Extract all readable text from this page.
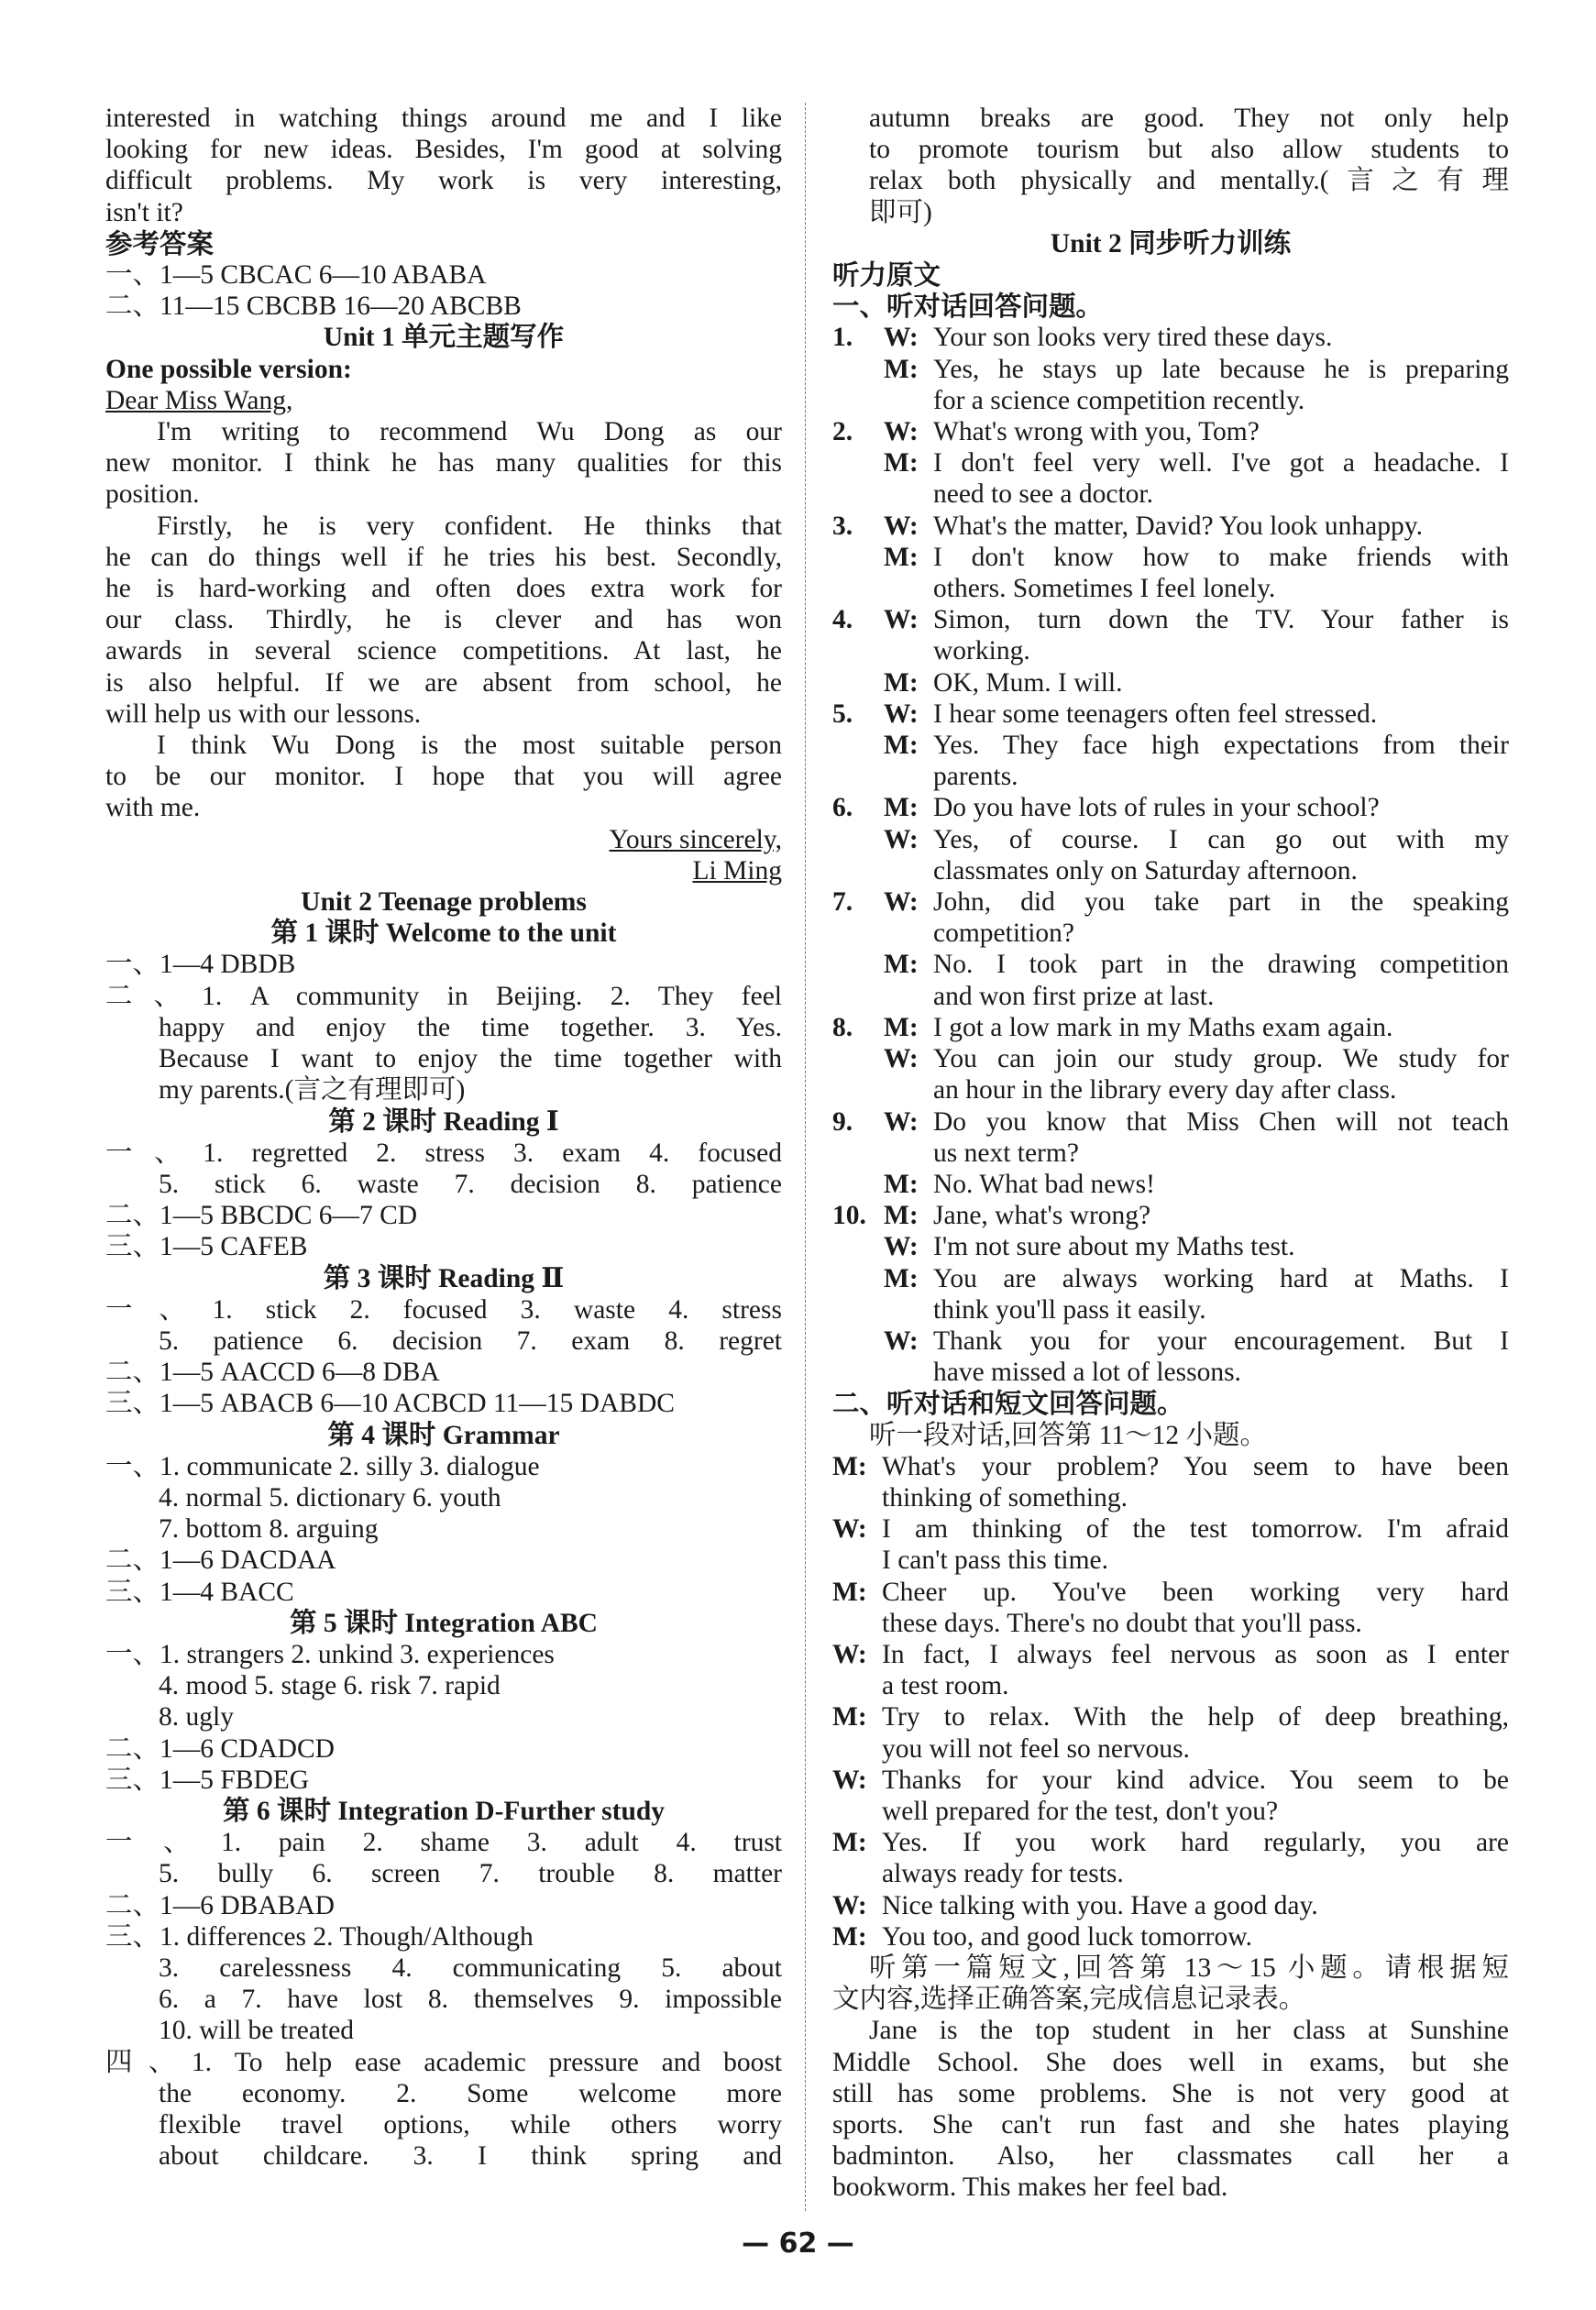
interested in watching things around me and I like
looking for new ideas. Besides, I'm good at solving
difficult problems. My work is very interesting,
isn't it?
参考答案
一、1—5 CBCAC 6—10 ABABA
二、11—15 CBCBB 16—20 ABCBB
Unit 1 单元主题写作
One possible version:
Dear Miss Wang,
I'm writing to recommend Wu Dong as our
new monitor. I think he has many qualities for this
position.
Firstly, he is very confident. He thinks that
he can do things well if he tries his best. Secondly,
he is hard-working and often does extra work for
our class. Thirdly, he is clever and has won
awards in several science competitions. At last, he
is also helpful. If we are absent from school, he
will help us with our lessons.
I think Wu Dong is the most suitable person
to be our monitor. I hope that you will agree
with me.
Yours sincerely,
Li Ming
Unit 2 Teenage problems
第 1 课时 Welcome to the unit
一、1—4 DBDB
二、1. A community in Beijing. 2. They feel
happy and enjoy the time together. 3. Yes.
Because I want to enjoy the time together with
my parents.(言之有理即可)
第 2 课时 Reading Ⅰ
一、1. regretted 2. stress 3. exam 4. focused
5. stick 6. waste 7. decision 8. patience
二、1—5 BBCDC 6—7 CD
三、1—5 CAFEB
第 3 课时 Reading Ⅱ
一、1. stick 2. focused 3. waste 4. stress
5. patience 6. decision 7. exam 8. regret
二、1—5 AACCD 6—8 DBA
三、1—5 ABACB 6—10 ACBCD 11—15 DABDC
第 4 课时 Grammar
一、1. communicate 2. silly 3. dialogue
4. normal 5. dictionary 6. youth
7. bottom 8. arguing
二、1—6 DACDAA
三、1—4 BACC
第 5 课时 Integration ABC
一、1. strangers 2. unkind 3. experiences
4. mood 5. stage 6. risk 7. rapid
8. ugly
二、1—6 CDADCD
三、1—5 FBDEG
第 6 课时 Integration D-Further study
一、1. pain 2. shame 3. adult 4. trust
5. bully 6. screen 7. trouble 8. matter
二、1—6 DBABAD
三、1. differences 2. Though/Although
3. carelessness 4. communicating 5. about
6. a 7. have lost 8. themselves 9. impossible
10. will be treated
四、1. To help ease academic pressure and boost
the economy. 2. Some welcome more
flexible travel options, while others worry
about childcare. 3. I think spring and
autumn breaks are good. They not only help
to promote tourism but also allow students to
relax both physically and mentally.(言之有理
即可)
Unit 2 同步听力训练
听力原文
一、听对话回答问题。
1.	W: Your son looks very tired these days.
M: Yes, he stays up late because he is preparing
for a science competition recently.
2.	W: What's wrong with you, Tom?
M: I don't feel very well. I've got a headache. I
need to see a doctor.
3.	W: What's the matter, David? You look unhappy.
M: I don't know how to make friends with
others. Sometimes I feel lonely.
4.	W: Simon, turn down the TV. Your father is
working.
M: OK, Mum. I will.
5.	W: I hear some teenagers often feel stressed.
M: Yes. They face high expectations from their
parents.
6.	M: Do you have lots of rules in your school?
W: Yes, of course. I can go out with my
classmates only on Saturday afternoon.
7.	W: John, did you take part in the speaking
competition?
M: No. I took part in the drawing competition
and won first prize at last.
8.	M: I got a low mark in my Maths exam again.
W: You can join our study group. We study for
an hour in the library every day after class.
9.	W: Do you know that Miss Chen will not teach
us next term?
M: No. What bad news!
10. M: Jane, what's wrong?
W: I'm not sure about my Maths test.
M: You are always working hard at Maths. I
think you'll pass it easily.
W: Thank you for your encouragement. But I
have missed a lot of lessons.
二、听对话和短文回答问题。
听一段对话,回答第 11～12 小题。
M: What's your problem? You seem to have been
thinking of something.
W: I am thinking of the test tomorrow. I'm afraid
I can't pass this time.
M: Cheer up. You've been working very hard
these days. There's no doubt that you'll pass.
W: In fact, I always feel nervous as soon as I enter
a test room.
M: Try to relax. With the help of deep breathing,
you will not feel so nervous.
W: Thanks for your kind advice. You seem to be
well prepared for the test, don't you?
M: Yes. If you work hard regularly, you are
always ready for tests.
W: Nice talking with you. Have a good day.
M: You too, and good luck tomorrow.
听第一篇短文,回答第 13～15 小题。请根据短
文内容,选择正确答案,完成信息记录表。
Jane is the top student in her class at Sunshine
Middle School. She does well in exams, but she
still has some problems. She is not very good at
sports. She can't run fast and she hates playing
badminton. Also, her classmates call her a
bookworm. This makes her feel bad.
— 62 —
